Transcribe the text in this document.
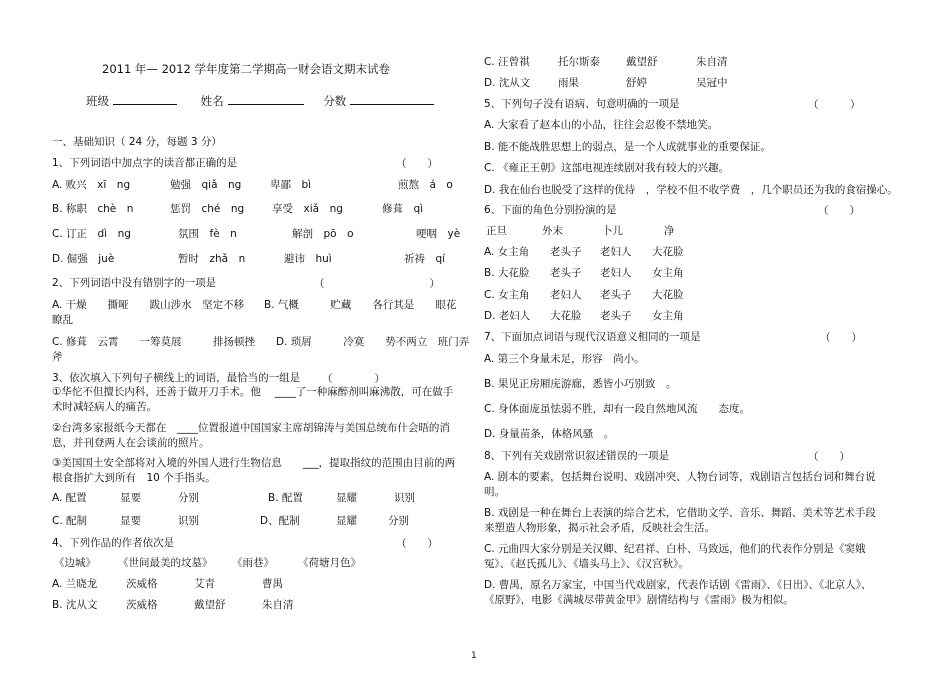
2011 年— 2012 学年度第二学期高一财会语文期末试卷
班级	姓名	分数
一、基础知识（ 24 分，每题 3 分）
1、下列词语中加点字的读音都正确的是	（　　）
A. 败兴　xī　ng	勉强　qiǎ　ng	卑鄙　bì	煎熬　á　o
B. 称职　chè　n	惩罚　ché　ng	享受　xiǎ　ng	修葺　qì
C. 订正　dì　ng	氛围　fè　n	解剖　pō　o	哽咽　yè
D. 倔强　juè	暂时　zhǎ　n	避讳　huì	祈祷　qí
2、下列词语中没有错别字的一项是	（　　　　　　　　　　）
A. 干燥　　撕哑　　跋山涉水　坚定不移 B. 气概　　　贮藏　　各行其是　　眼花
瞭乱
C. 修葺　云霄　　一筹莫展　　　排扬顿挫　　D. 琐屑　　　冷寞　　势不两立　班门弄
斧
3、依次填入下列句子横线上的词语，最恰当的一组是 （　　　　）
①华佗不但擅长内科，还善于做开刀手术。他　 ____了一种麻醉剂叫麻沸散，可在做手术时减轻病人的痛苦。
②台湾多家报纸今天都在　____位置报道中国国家主席胡锦涛与美国总统布什会晤的消息，并刊登两人在会谈前的照片。
③美国国土安全部将对入境的外国人进行生物信息　　___，提取指纹的范围由目前的两根食指扩大到所有　10 个手指头。
A. 配置	显要	分别	B. 配置	显耀	识别
C. 配制	显要	识别	D、配制	显耀	分别
4、下列作品的作者依次是	（　　）
《边城》 《世间最美的坟墓》 《雨巷》 《荷塘月色》
A. 兰晓龙	茨威格	艾青	曹禺
B. 沈从文	茨威格	戴望舒	朱自清
C. 汪曾祺	托尔斯泰 戴望舒	朱自清
D. 沈从文	雨果	舒婷	吴冠中
5、下列句子没有语病、句意明确的一项是	（　　　）
A. 大家看了赵本山的小品，往往会忍俊不禁地笑。
B. 能不能战胜思想上的弱点，是一个人成就事业的重要保证。
C. 《雍正王朝》这部电视连续剧对我有较大的兴趣。
D. 我在仙台也脱受了这样的优待　，学校不但不收学费　，几个职员还为我的食宿操心。
6、下面的角色分别扮演的是	（　　）
正旦	外末	卜儿	净
A. 女主角 老头子 老妇人 大花脸
B. 大花脸 老头子 老妇人 女主角
C. 女主角 老妇人 老头子 大花脸
D. 老妇人 大花脸 老头子 女主角
7、下面加点词语与现代汉语意义相同的一项是	（　　）
A. 第三个身量未足，形容　尚小。
B. 果见正房厢庑游廊，悉皆小巧别致　。
C. 身体面庞虽怯弱不胜，却有一段自然地风流　　态度。
D. 身量苗条，体格风骚　。
8、下列有关戏剧常识叙述错误的一项是	（　　）
A. 剧本的要素，包括舞台说明、戏剧冲突、人物台词等，戏剧语言包括台词和舞台说明。
B. 戏剧是一种在舞台上表演的综合艺术，它借助文学、音乐、舞蹈、美术等艺术手段来塑造人物形象，揭示社会矛盾，反映社会生活。
C. 元曲四大家分别是关汉卿、纪君祥、白朴、马致远，他们的代表作分别是《窦娥冤》、《赵氏孤儿》、《墙头马上》、《汉宫秋》。
D. 曹禺，原名万家宝，中国当代戏剧家，代表作话剧《雷雨》、《日出》、《北京人》、《原野》，电影《满城尽带黄金甲》剧情结构与《雷雨》极为相似。
1
